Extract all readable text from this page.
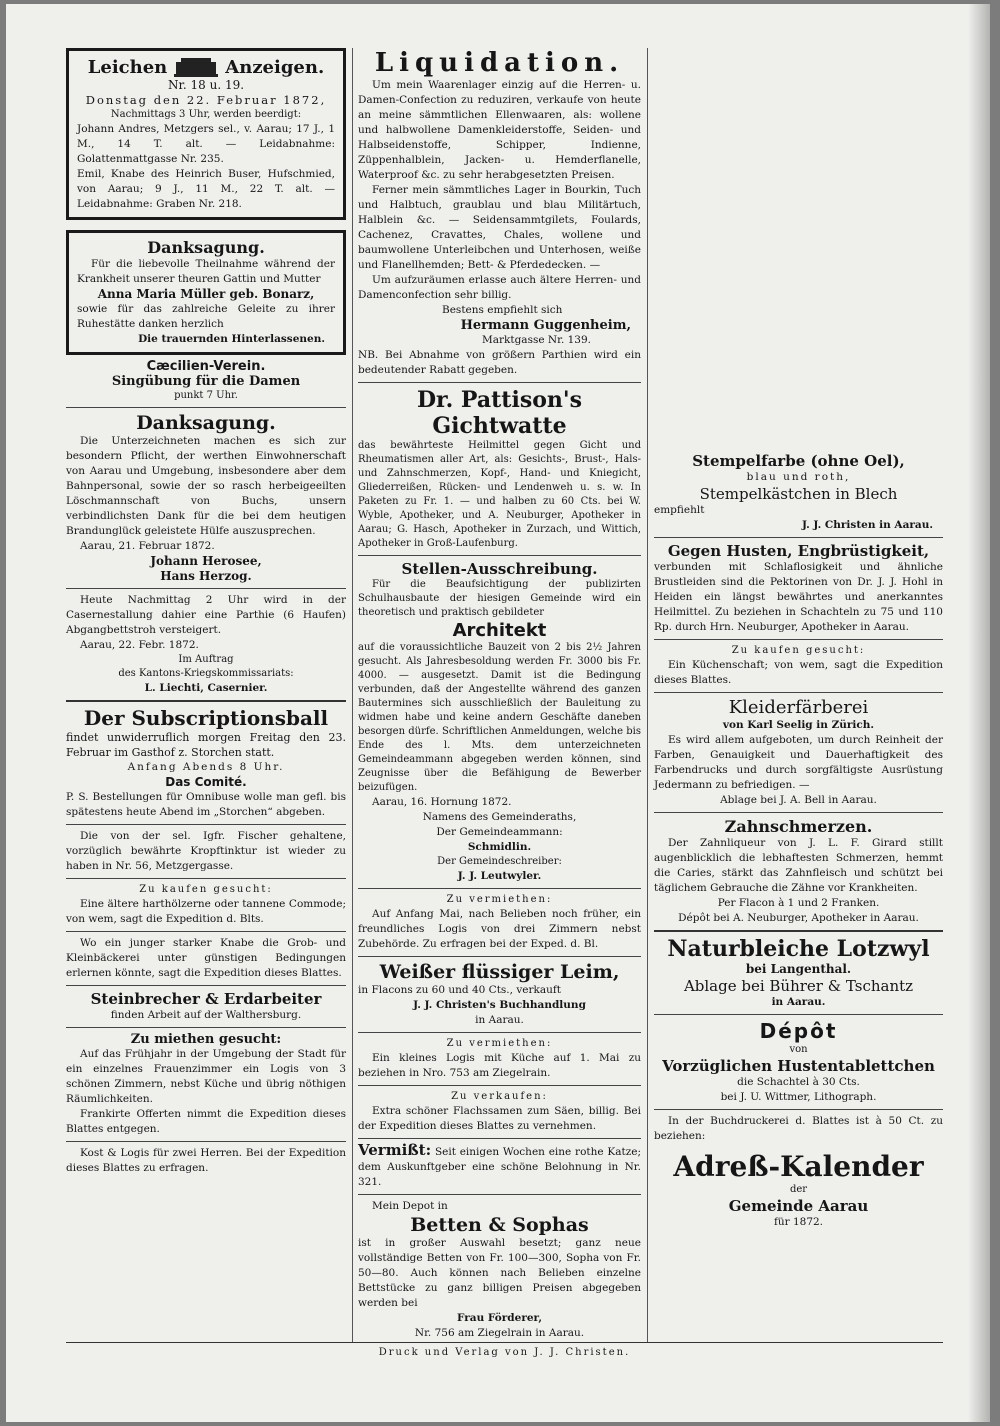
Leichen	Anzeigen.

Nr. 18 u. 19.

Donstag den 22. Februar 1872,

Nachmittags 3 Uhr, werden beerdigt:

Johann Andres, Metzgers sel., v. Aarau; 17 J., 1 M., 14 T. alt. — Leidabnahme: Golattenmattgasse Nr. 235.

Emil, Knabe des Heinrich Buser, Hufschmied, von Aarau; 9 J., 11 M., 22 T. alt. — Leidabnahme: Graben Nr. 218.

Danksagung.

Für die liebevolle Theilnahme während der Krankheit unserer theuren Gattin und Mutter

Anna Maria Müller geb. Bonarz,

sowie für das zahlreiche Geleite zu ihrer Ruhestätte danken herzlich

Die trauernden Hinterlassenen.

Cæcilien-Verein.

Singübung für die Damen

punkt 7 Uhr.

Danksagung.

Die Unterzeichneten machen es sich zur besondern Pflicht, der werthen Einwohnerschaft von Aarau und Umgebung, insbesondere aber dem Bahnpersonal, sowie der so rasch herbeigeeilten Löschmannschaft von Buchs, unsern verbindlichsten Dank für die bei dem heutigen Brandunglück geleistete Hülfe auszusprechen.

Aarau, 21. Februar 1872.

Johann Herosee,

Hans Herzog.

Heute Nachmittag 2 Uhr wird in der Casernestallung dahier eine Parthie (6 Haufen) Abgangbettstroh versteigert.

Aarau, 22. Febr. 1872.

Im Auftrag

des Kantons-Kriegskommissariats:

L. Liechti, Casernier.

Der Subscriptionsball

findet unwiderruflich morgen Freitag den 23. Februar im Gasthof z. Storchen statt.

Anfang Abends 8 Uhr.

Das Comité.

P. S. Bestellungen für Omnibuse wolle man gefl. bis spätestens heute Abend im „Storchen“ abgeben.

Die von der sel. Igfr. Fischer gehaltene, vorzüglich bewährte Kropftinktur ist wieder zu haben in Nr. 56, Metzgergasse.

Zu kaufen gesucht:

Eine ältere harthölzerne oder tannene Commode; von wem, sagt die Expedition d. Blts.

Wo ein junger starker Knabe die Grob- und Kleinbäckerei unter günstigen Bedingungen erlernen könnte, sagt die Expedition dieses Blattes.

Steinbrecher & Erdarbeiter

finden Arbeit auf der Walthersburg.

Zu miethen gesucht:

Auf das Frühjahr in der Umgebung der Stadt für ein einzelnes Frauenzimmer ein Logis von 3 schönen Zimmern, nebst Küche und übrig nöthigen Räumlichkeiten.

Frankirte Offerten nimmt die Expedition dieses Blattes entgegen.

Kost & Logis für zwei Herren. Bei der Expedition dieses Blattes zu erfragen.

Liquidation.

Um mein Waarenlager einzig auf die Herren- u. Damen-Confection zu reduziren, verkaufe von heute an meine sämmtlichen Ellenwaaren, als: wollene und halbwollene Damenkleiderstoffe, Seiden- und Halbseidenstoffe, Schipper, Indienne, Züppenhalblein, Jacken- u. Hemderflanelle, Waterproof &c. zu sehr herabgesetzten Preisen.

Ferner mein sämmtliches Lager in Bourkin, Tuch und Halbtuch, graublau und blau Militärtuch, Halblein &c. — Seidensammtgilets, Foulards, Cachenez, Cravattes, Chales, wollene und baumwollene Unterleibchen und Unterhosen, weiße und Flanellhemden; Bett- & Pferdedecken. —

Um aufzuräumen erlasse auch ältere Herren- und Damenconfection sehr billig.

Bestens empfiehlt sich

Hermann Guggenheim,

Marktgasse Nr. 139.

NB. Bei Abnahme von größern Parthien wird ein bedeutender Rabatt gegeben.

Dr. Pattison's Gichtwatte

das bewährteste Heilmittel gegen Gicht und Rheumatismen aller Art, als: Gesichts-, Brust-, Hals- und Zahnschmerzen, Kopf-, Hand- und Kniegicht, Gliederreißen, Rücken- und Lendenweh u. s. w. In Paketen zu Fr. 1. — und halben zu 60 Cts. bei W. Wyble, Apotheker, und A. Neuburger, Apotheker in Aarau; G. Hasch, Apotheker in Zurzach, und Wittich, Apotheker in Groß-Laufenburg.

Stellen-Ausschreibung.

Für die Beaufsichtigung der publizirten Schulhausbaute der hiesigen Gemeinde wird ein theoretisch und praktisch gebildeter

Architekt

auf die voraussichtliche Bauzeit von 2 bis 2½ Jahren gesucht. Als Jahresbesoldung werden Fr. 3000 bis Fr. 4000. — ausgesetzt. Damit ist die Bedingung verbunden, daß der Angestellte während des ganzen Bautermines sich ausschließlich der Bauleitung zu widmen habe und keine andern Geschäfte daneben besorgen dürfe. Schriftlichen Anmeldungen, welche bis Ende des l. Mts. dem unterzeichneten Gemeindeammann abgegeben werden können, sind Zeugnisse über die Befähigung de Bewerber beizufügen.

Aarau, 16. Hornung 1872.

Namens des Gemeinderaths,

Der Gemeindeammann:

Schmidlin.

Der Gemeindeschreiber:

J. J. Leutwyler.

Zu vermiethen:

Auf Anfang Mai, nach Belieben noch früher, ein freundliches Logis von drei Zimmern nebst Zubehörde. Zu erfragen bei der Exped. d. Bl.

Weißer flüssiger Leim,

in Flacons zu 60 und 40 Cts., verkauft

J. J. Christen's Buchhandlung

in Aarau.

Zu vermiethen:

Ein kleines Logis mit Küche auf 1. Mai zu beziehen in Nro. 753 am Ziegelrain.

Zu verkaufen:

Extra schöner Flachssamen zum Säen, billig. Bei der Expedition dieses Blattes zu vernehmen.

Vermißt: Seit einigen Wochen eine rothe Katze; dem Auskunftgeber eine schöne Belohnung in Nr. 321.

Mein Depot in

Betten & Sophas

ist in großer Auswahl besetzt; ganz neue vollständige Betten von Fr. 100—300, Sopha von Fr. 50—80. Auch können nach Belieben einzelne Bettstücke zu ganz billigen Preisen abgegeben werden bei

Frau Förderer,

Nr. 756 am Ziegelrain in Aarau.

Stempelfarbe (ohne Oel),

blau und roth,

Stempelkästchen in Blech

empfiehlt

J. J. Christen in Aarau.

Gegen Husten, Engbrüstigkeit,

verbunden mit Schlaflosigkeit und ähnliche Brustleiden sind die Pektorinen von Dr. J. J. Hohl in Heiden ein längst bewährtes und anerkanntes Heilmittel. Zu beziehen in Schachteln zu 75 und 110 Rp. durch Hrn. Neuburger, Apotheker in Aarau.

Zu kaufen gesucht:

Ein Küchenschaft; von wem, sagt die Expedition dieses Blattes.

Kleiderfärberei

von Karl Seelig in Zürich.

Es wird allem aufgeboten, um durch Reinheit der Farben, Genauigkeit und Dauerhaftigkeit des Farbendrucks und durch sorgfältigste Ausrüstung Jedermann zu befriedigen. —

Ablage bei J. A. Bell in Aarau.

Zahnschmerzen.

Der Zahnliqueur von J. L. F. Girard stillt augenblicklich die lebhaftesten Schmerzen, hemmt die Caries, stärkt das Zahnfleisch und schützt bei täglichem Gebrauche die Zähne vor Krankheiten.

Per Flacon à 1 und 2 Franken.

Dépôt bei A. Neuburger, Apotheker in Aarau.

Naturbleiche Lotzwyl

bei Langenthal.

Ablage bei Bührer & Tschantz

in Aarau.

Dépôt

von

Vorzüglichen Hustentablettchen

die Schachtel à 30 Cts.

bei J. U. Wittmer, Lithograph.

In der Buchdruckerei d. Blattes ist à 50 Ct. zu beziehen:

Adreß-Kalender

der

Gemeinde Aarau

für 1872.

Druck und Verlag von J. J. Christen.
